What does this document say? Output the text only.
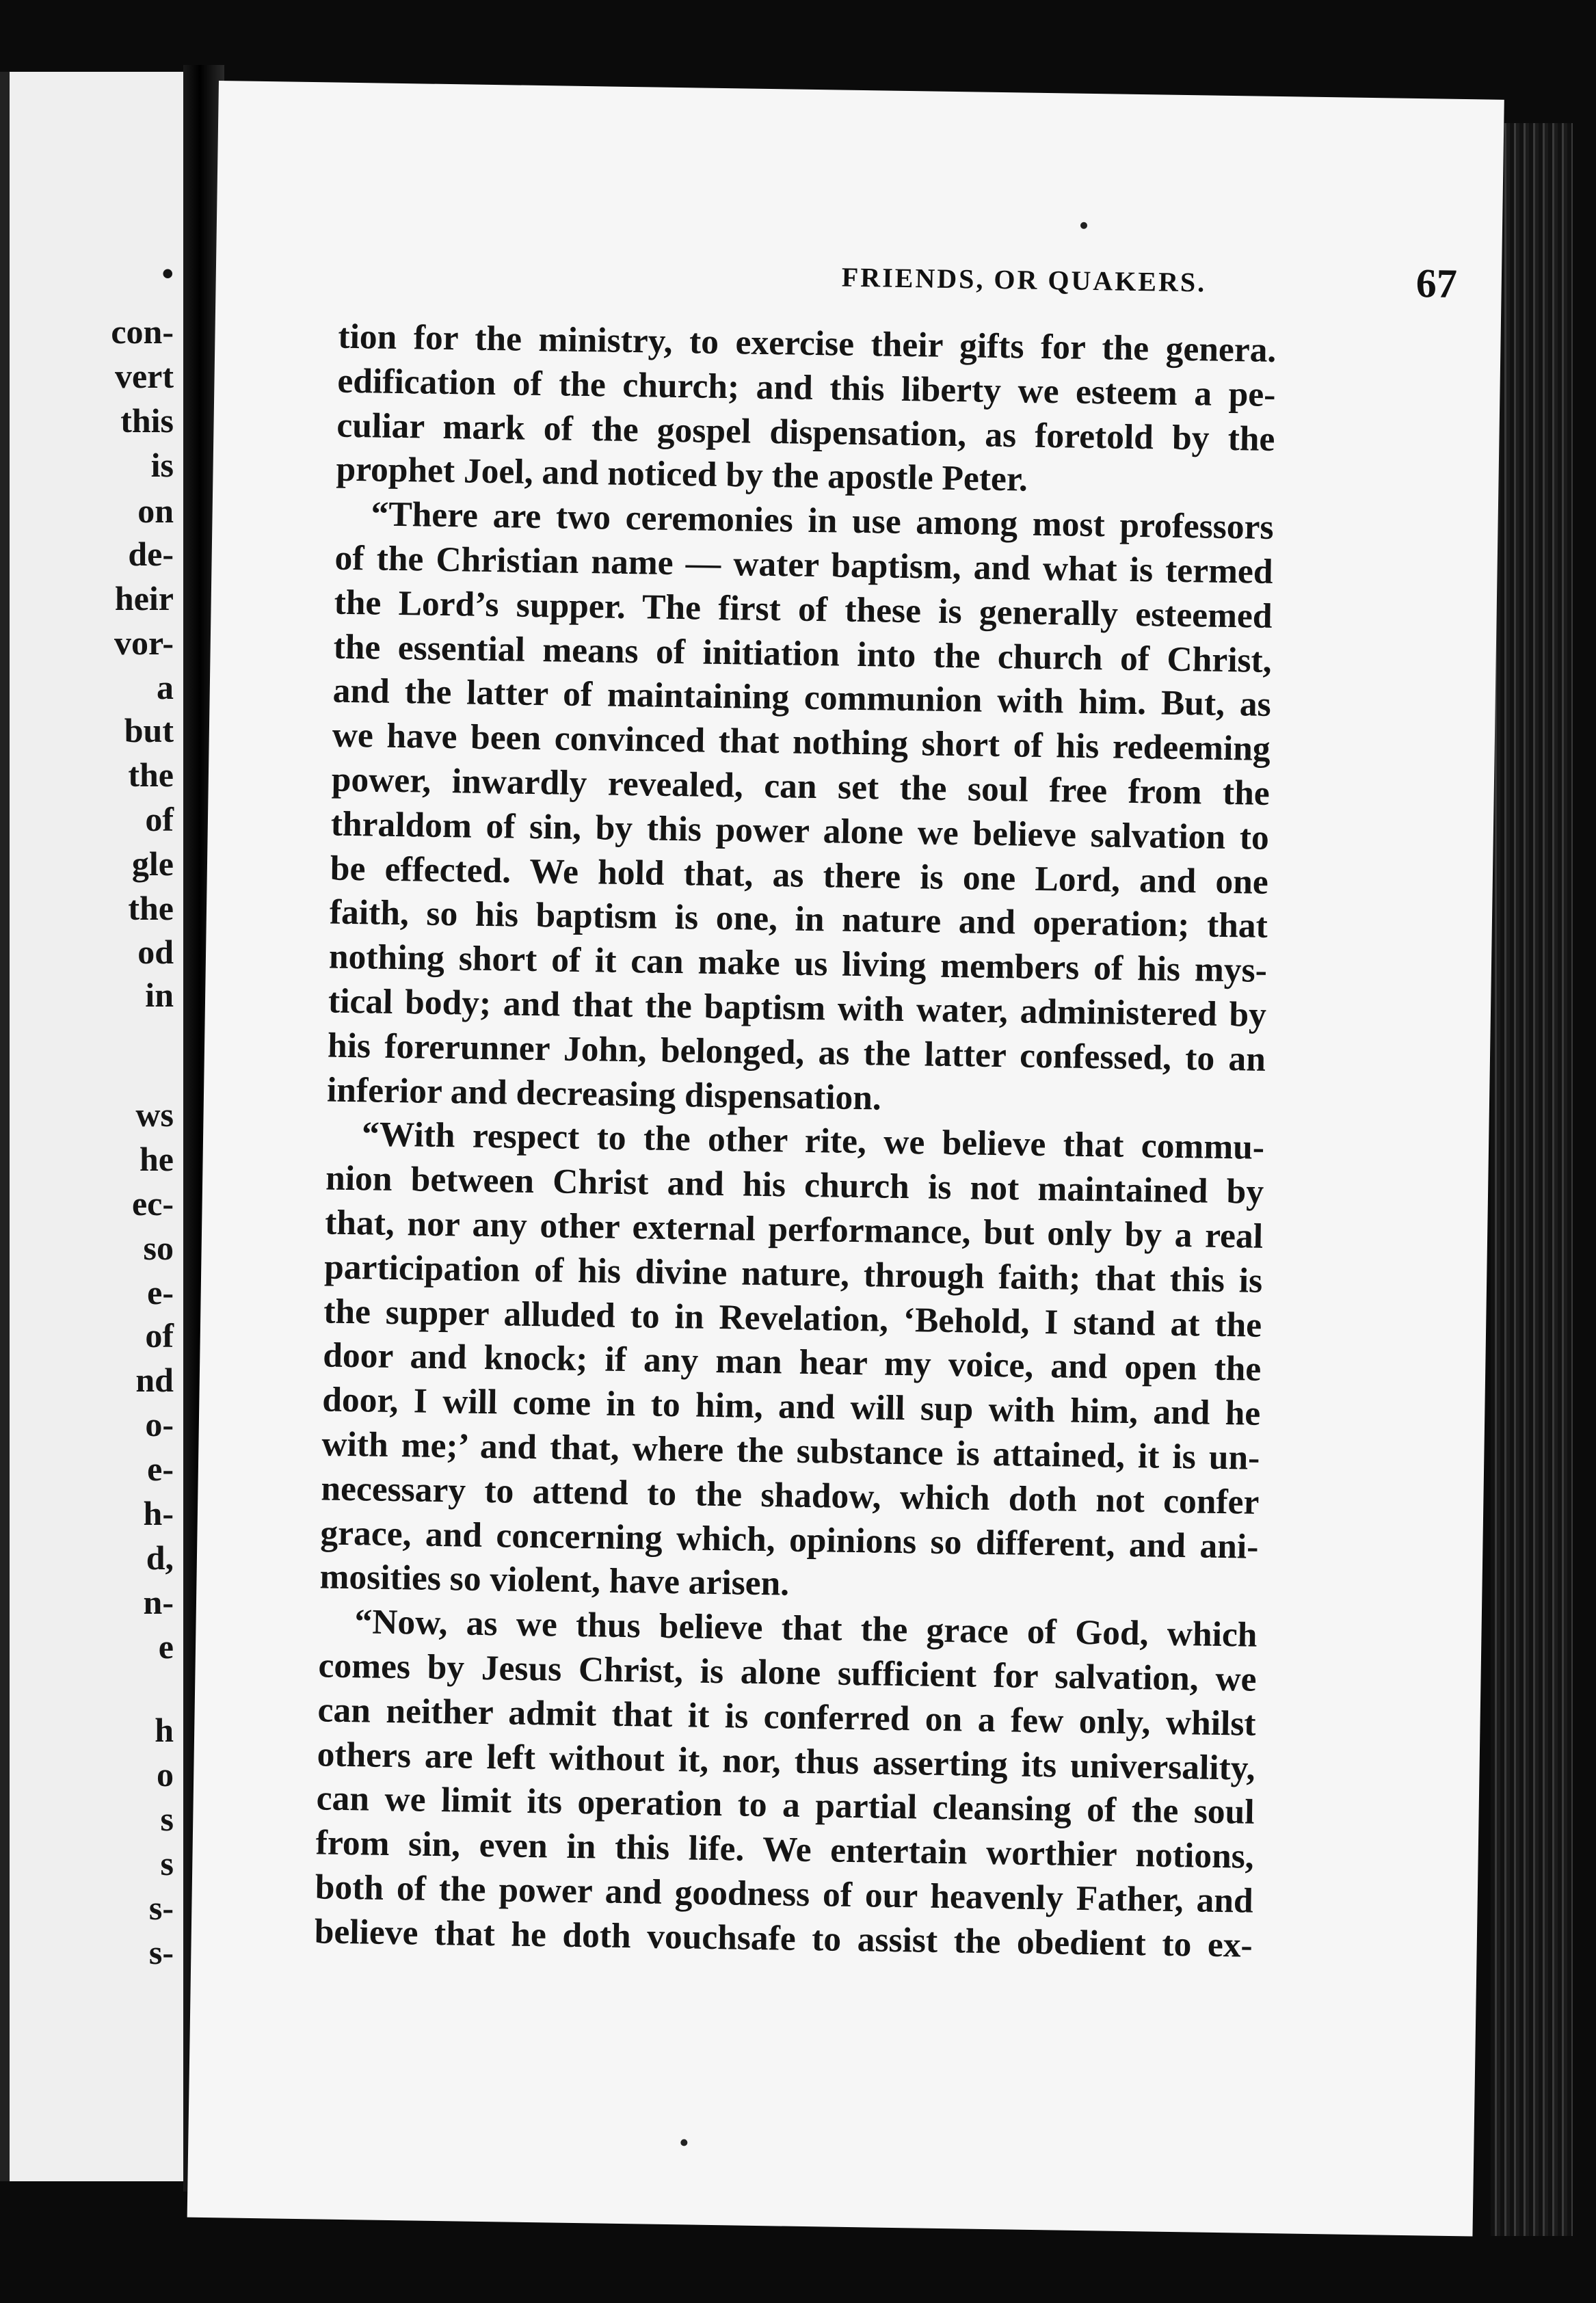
•
con-
vert
this
is
on
de-
heir
vor-
a
but
the
of
gle
the
od
in
ws
he
ec-
so
e-
of
nd
o-
e-
h-
d,
n-
e
h
o
s
s
s-
s-
FRIENDS, OR QUAKERS.	67
tion for the ministry, to exercise their gifts for the genera.
edification of the church; and this liberty we esteem a pe-
culiar mark of the gospel dispensation, as foretold by the
prophet Joel, and noticed by the apostle Peter.
“There are two ceremonies in use among most professors
of the Christian name — water baptism, and what is termed
the Lord’s supper. The first of these is generally esteemed
the essential means of initiation into the church of Christ,
and the latter of maintaining communion with him. But, as
we have been convinced that nothing short of his redeeming
power, inwardly revealed, can set the soul free from the
thraldom of sin, by this power alone we believe salvation to
be effected. We hold that, as there is one Lord, and one
faith, so his baptism is one, in nature and operation; that
nothing short of it can make us living members of his mys-
tical body; and that the baptism with water, administered by
his forerunner John, belonged, as the latter confessed, to an
inferior and decreasing dispensation.
“With respect to the other rite, we believe that commu-
nion between Christ and his church is not maintained by
that, nor any other external performance, but only by a real
participation of his divine nature, through faith; that this is
the supper alluded to in Revelation, ‘Behold, I stand at the
door and knock; if any man hear my voice, and open the
door, I will come in to him, and will sup with him, and he
with me;’ and that, where the substance is attained, it is un-
necessary to attend to the shadow, which doth not confer
grace, and concerning which, opinions so different, and ani-
mosities so violent, have arisen.
“Now, as we thus believe that the grace of God, which
comes by Jesus Christ, is alone sufficient for salvation, we
can neither admit that it is conferred on a few only, whilst
others are left without it, nor, thus asserting its universality,
can we limit its operation to a partial cleansing of the soul
from sin, even in this life. We entertain worthier notions,
both of the power and goodness of our heavenly Father, and
believe that he doth vouchsafe to assist the obedient to ex-
